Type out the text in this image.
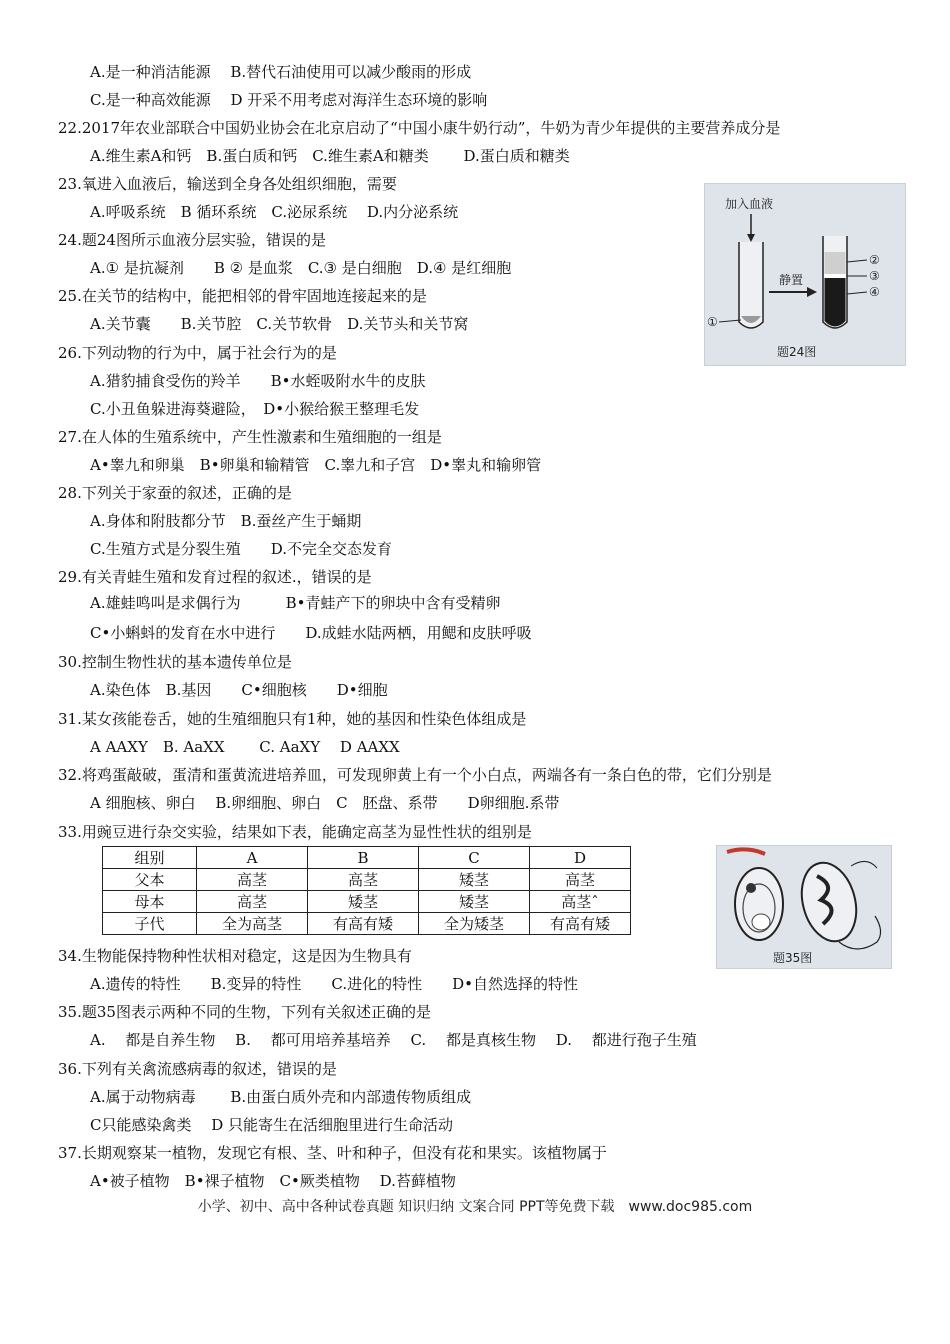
A.是一种消洁能源　 B.替代石油使用可以减少酸雨的形成
C.是一种高效能源　 D 开采不用考虑对海洋生态环境的影响
22.2017年农业部联合中国奶业协会在北京启动了“中国小康牛奶行动”，牛奶为青少年提供的主要营养成分是
A.维生素A和钙　B.蛋白质和钙　C.维生素A和糖类　　 D.蛋白质和糖类
23.氧进入血液后，输送到全身各处组织细胞，需要
A.呼吸系统　B 循环系统　C.泌尿系统　 D.内分泌系统
24.题24图所示血液分层实验，错误的是
A.① 是抗凝剂　　B ② 是血浆　C.③ 是白细胞　D.④ 是红细胞
25.在关节的结构中，能把相邻的骨牢固地连接起来的是
A.关节囊　　B.关节腔　C.关节软骨　D.关节头和关节窝
26.下列动物的行为中，属于社会行为的是
A.猎豹捕食受伤的羚羊　　B•水蛭吸附水牛的皮肤
C.小丑鱼躲进海葵避险，　D•小猴给猴王整理毛发
27.在人体的生殖系统中，产生性激素和生殖细胞的一组是
A•睾九和卵巢　B•卵巢和输精管　C.睾九和子宫　D•睾丸和输卵管
28.下列关于家蚕的叙述，正确的是
A.身体和附肢都分节　B.蚕丝产生于蛹期
C.生殖方式是分裂生殖　　D.不完全交态发育
29.有关青蛙生殖和发育过程的叙述.，错误的是
A.雄蛙鸣叫是求偶行为　　　B•青蛙产下的卵块中含有受精卵
C•小蝌蚪的发育在水中进行　　D.成蛙水陆两栖，用鳃和皮肤呼吸
30.控制生物性状的基本遗传单位是
A.染色体　B.基因　　C•细胞核　　D•细胞
31.某女孩能卷舌，她的生殖细胞只有1种，她的基因和性染色体组成是
A AAXY　B. AaXX　　 C. AaXY　 D AAXX
32.将鸡蛋敲破，蛋清和蛋黄流进培养皿，可发现卵黄上有一个小白点，两端各有一条白色的带，它们分别是
A 细胞核、卵白　 B.卵细胞、卵白　C　胚盘、系带　　D卵细胞.系带
33.用豌豆进行杂交实验，结果如下表，能确定高茎为显性性状的组别是
34.生物能保持物种性状相对稳定，这是因为生物具有
A.遗传的特性　　B.变异的特性　　C.进化的特性　　D•自然选择的特性
35.题35图表示两种不同的生物，下列有关叙述正确的是
A.　 都是自养生物　 B.　 都可用培养基培养　 C.　 都是真核生物　 D.　 都进行孢子生殖
36.下列有关禽流感病毒的叙述，错误的是
A.属于动物病毒　　 B.由蛋白质外壳和内部遗传物质组成
C只能感染禽类　 D 只能寄生在活细胞里进行生命活动
37.长期观察某一植物，发现它有根、茎、叶和种子，但没有花和果实。该植物属于
A•被子植物　B•裸子植物　C•厥类植物　 D.苔藓植物
组别	A	B	C	D
父本	高茎	高茎	矮茎	高茎
母本	高茎	矮茎	矮茎	高茎ˆ
子代	全为高茎	有高有矮	全为矮茎	有高有矮
加入血液
①
静置
②
③
④
题24图
题35图
小学、初中、高中各种试卷真题 知识归纳 文案合同 PPT等免费下载　www.doc985.com
